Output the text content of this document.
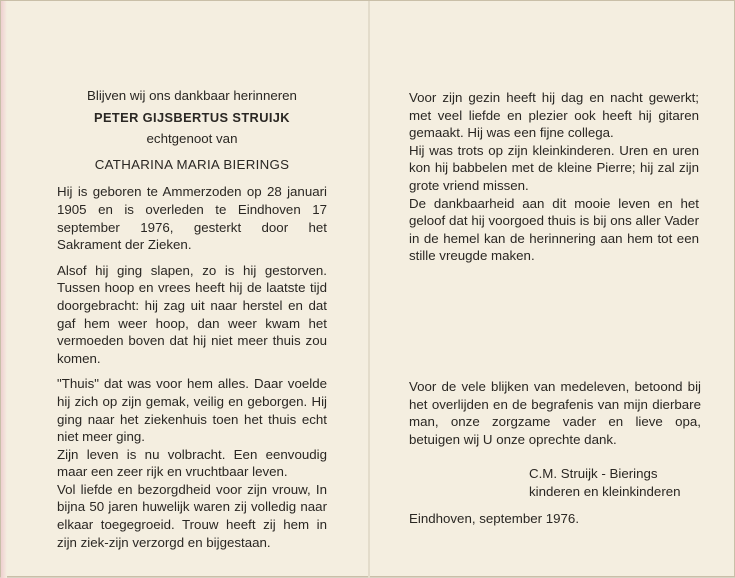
Blijven wij ons dankbaar herinneren
PETER GIJSBERTUS STRUIJK
echtgenoot van
CATHARINA MARIA BIERINGS

Hij is geboren te Ammerzoden op 28 januari 1905 en is overleden te Eindhoven 17 september 1976, gesterkt door het Sakrament der Zieken.

Alsof hij ging slapen, zo is hij gestorven. Tussen hoop en vrees heeft hij de laatste tijd doorgebracht: hij zag uit naar herstel en dat gaf hem weer hoop, dan weer kwam het vermoeden boven dat hij niet meer thuis zou komen.

"Thuis" dat was voor hem alles. Daar voelde hij zich op zijn gemak, veilig en geborgen. Hij ging naar het ziekenhuis toen het thuis echt niet meer ging.

Zijn leven is nu volbracht. Een eenvoudig maar een zeer rijk en vruchtbaar leven.

Vol liefde en bezorgdheid voor zijn vrouw, In bijna 50 jaren huwelijk waren zij volledig naar elkaar toegegroeid. Trouw heeft zij hem in zijn ziek-zijn verzorgd en bijgestaan.

Voor zijn gezin heeft hij dag en nacht gewerkt; met veel liefde en plezier ook heeft hij gitaren gemaakt. Hij was een fijne collega.

Hij was trots op zijn kleinkinderen. Uren en uren kon hij babbelen met de kleine Pierre; hij zal zijn grote vriend missen.

De dankbaarheid aan dit mooie leven en het geloof dat hij voorgoed thuis is bij ons aller Vader in de hemel kan de herinnering aan hem tot een stille vreugde maken.

Voor de vele blijken van medeleven, betoond bij het overlijden en de begrafenis van mijn dierbare man, onze zorgzame vader en lieve opa, betuigen wij U onze oprechte dank.

C.M. Struijk - Bierings
kinderen en kleinkinderen
Eindhoven, september 1976.
